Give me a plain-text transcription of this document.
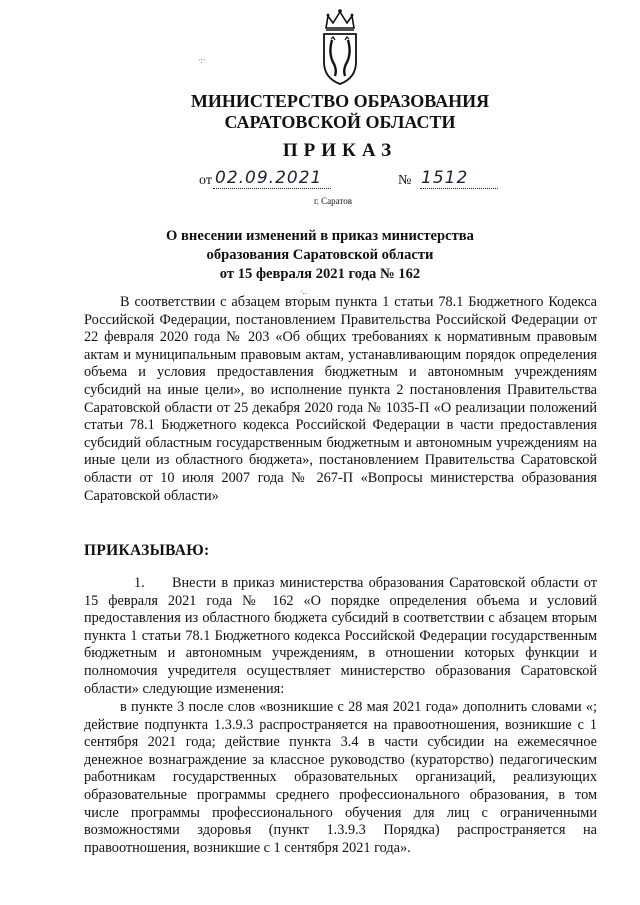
·:·
·..
МИНИСТЕРСТВО ОБРАЗОВАНИЯ
САРАТОВСКОЙ ОБЛАСТИ
ПРИКАЗ
от 02.09.2021	№ 1512
г. Саратов
О внесении изменений в приказ министерства
образования Саратовской области
от 15 февраля 2021 года № 162
В соответствии с абзацем вторым пункта 1 статьи 78.1 Бюджетного Кодекса Российской Федерации, постановлением Правительства Российской Федерации от 22 февраля 2020 года № 203 «Об общих требованиях к нормативным правовым актам и муниципальным правовым актам, устанавливающим порядок определения объема и условия предоставления бюджетным и автономным учреждениям субсидий на иные цели», во исполнение пункта 2 постановления Правительства Саратовской области от 25 декабря 2020 года № 1035-П «О реализации положений статьи 78.1 Бюджетного кодекса Российской Федерации в части предоставления субсидий областным государственным бюджетным и автономным учреждениям на иные цели из областного бюджета», постановлением Правительства Саратовской области от 10 июля 2007 года № 267-П «Вопросы министерства образования Саратовской области»
ПРИКАЗЫВАЮ:
1. Внести в приказ министерства образования Саратовской области от 15 февраля 2021 года № 162 «О порядке определения объема и условий предоставления из областного бюджета субсидий в соответствии с абзацем вторым пункта 1 статьи 78.1 Бюджетного кодекса Российской Федерации государственным бюджетным и автономным учреждениям, в отношении которых функции и полномочия учредителя осуществляет министерство образования Саратовской области» следующие изменения:
в пункте 3 после слов «возникшие с 28 мая 2021 года» дополнить словами «; действие подпункта 1.3.9.3 распространяется на правоотношения, возникшие с 1 сентября 2021 года; действие пункта 3.4 в части субсидии на ежемесячное денежное вознаграждение за классное руководство (кураторство) педагогическим работникам государственных образовательных организаций, реализующих образовательные программы среднего профессионального образования, в том числе программы профессионального обучения для лиц с ограниченными возможностями здоровья (пункт 1.3.9.3 Порядка) распространяется на правоотношения, возникшие с 1 сентября 2021 года».
